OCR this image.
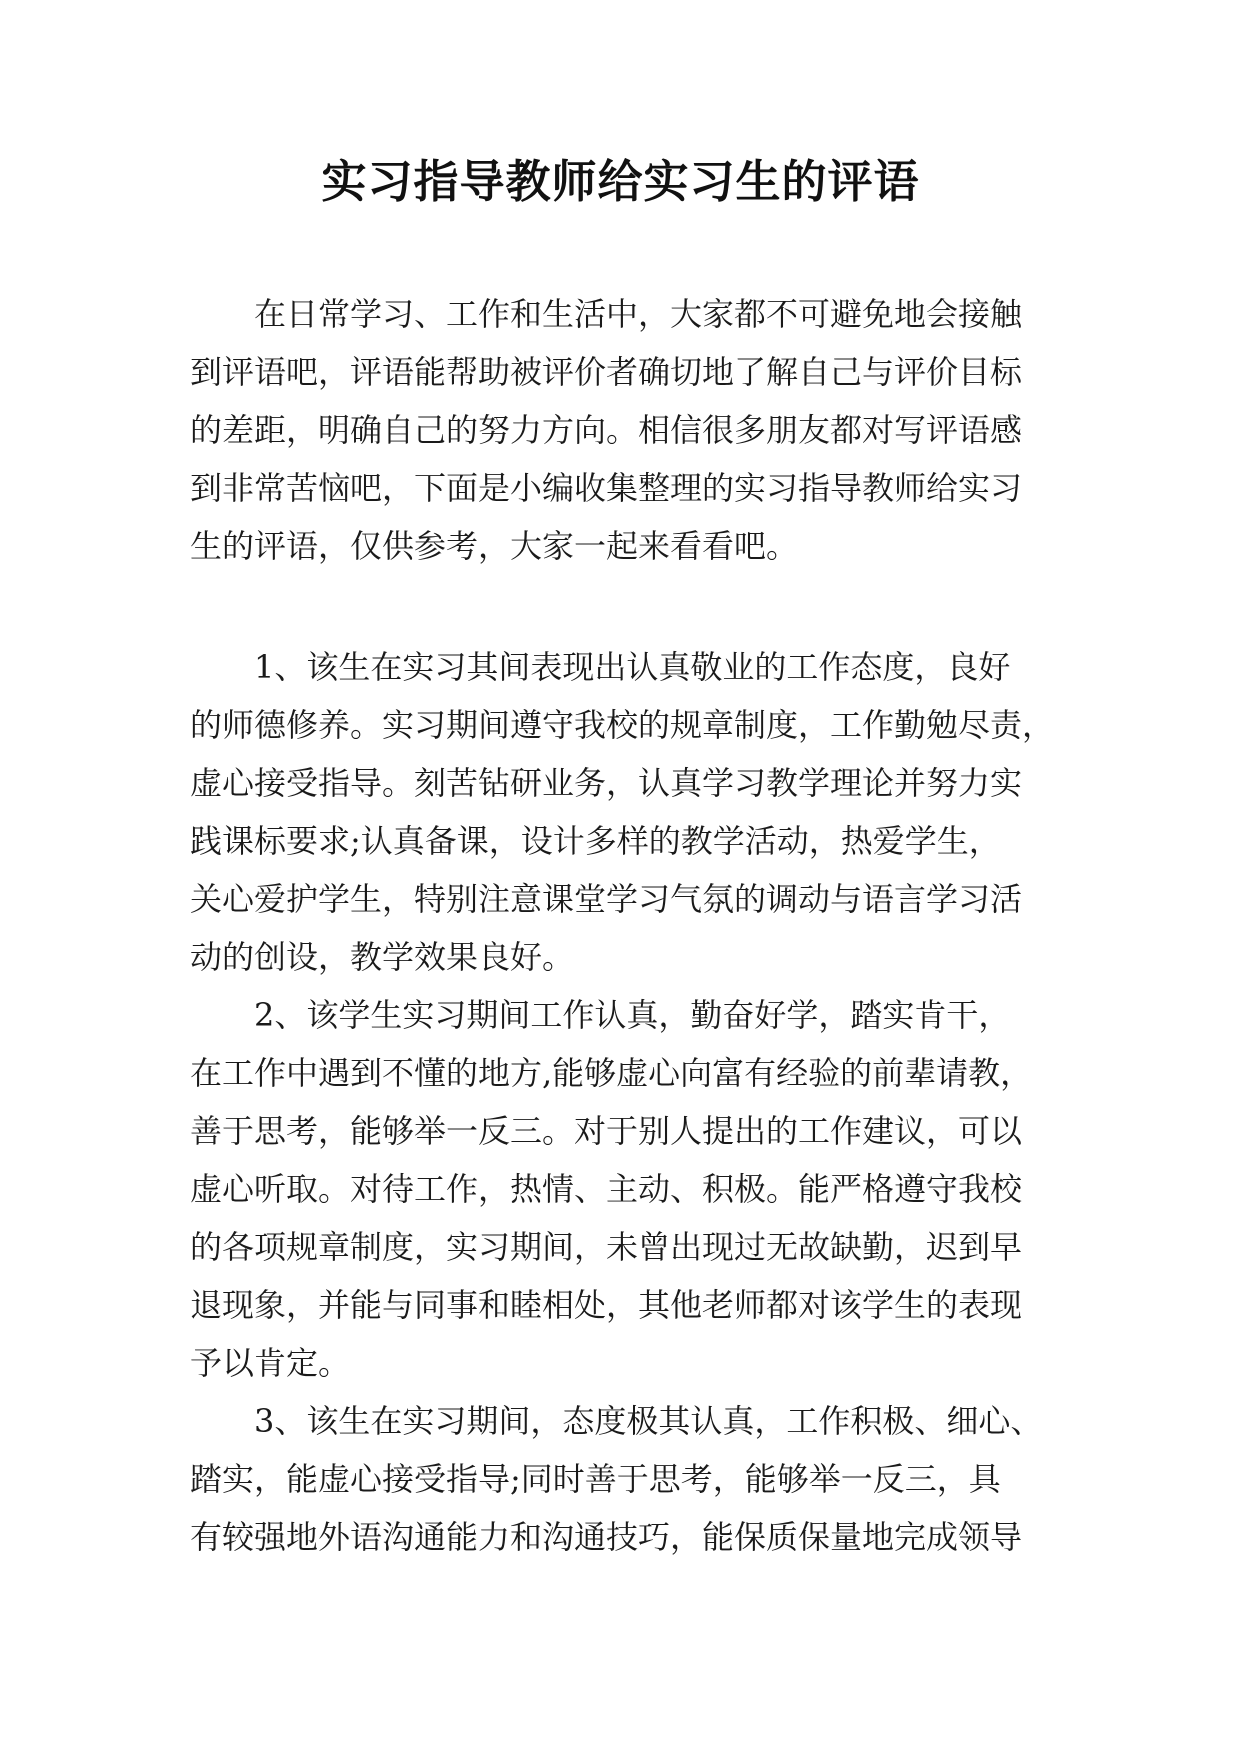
实习指导教师给实习生的评语
在日常学习、工作和生活中，大家都不可避免地会接触
到评语吧，评语能帮助被评价者确切地了解自己与评价目标
的差距，明确自己的努力方向。相信很多朋友都对写评语感
到非常苦恼吧，下面是小编收集整理的实习指导教师给实习
生的评语，仅供参考，大家一起来看看吧。
1、该生在实习其间表现出认真敬业的工作态度，良好
的师德修养。实习期间遵守我校的规章制度，工作勤勉尽责，
虚心接受指导。刻苦钻研业务，认真学习教学理论并努力实
践课标要求;认真备课，设计多样的教学活动，热爱学生，
关心爱护学生，特别注意课堂学习气氛的调动与语言学习活
动的创设，教学效果良好。
2、该学生实习期间工作认真，勤奋好学，踏实肯干，
在工作中遇到不懂的地方,能够虚心向富有经验的前辈请教，
善于思考，能够举一反三。对于别人提出的工作建议，可以
虚心听取。对待工作，热情、主动、积极。能严格遵守我校
的各项规章制度，实习期间，未曾出现过无故缺勤，迟到早
退现象，并能与同事和睦相处，其他老师都对该学生的表现
予以肯定。
3、该生在实习期间，态度极其认真，工作积极、细心、
踏实，能虚心接受指导;同时善于思考，能够举一反三，具
有较强地外语沟通能力和沟通技巧，能保质保量地完成领导
